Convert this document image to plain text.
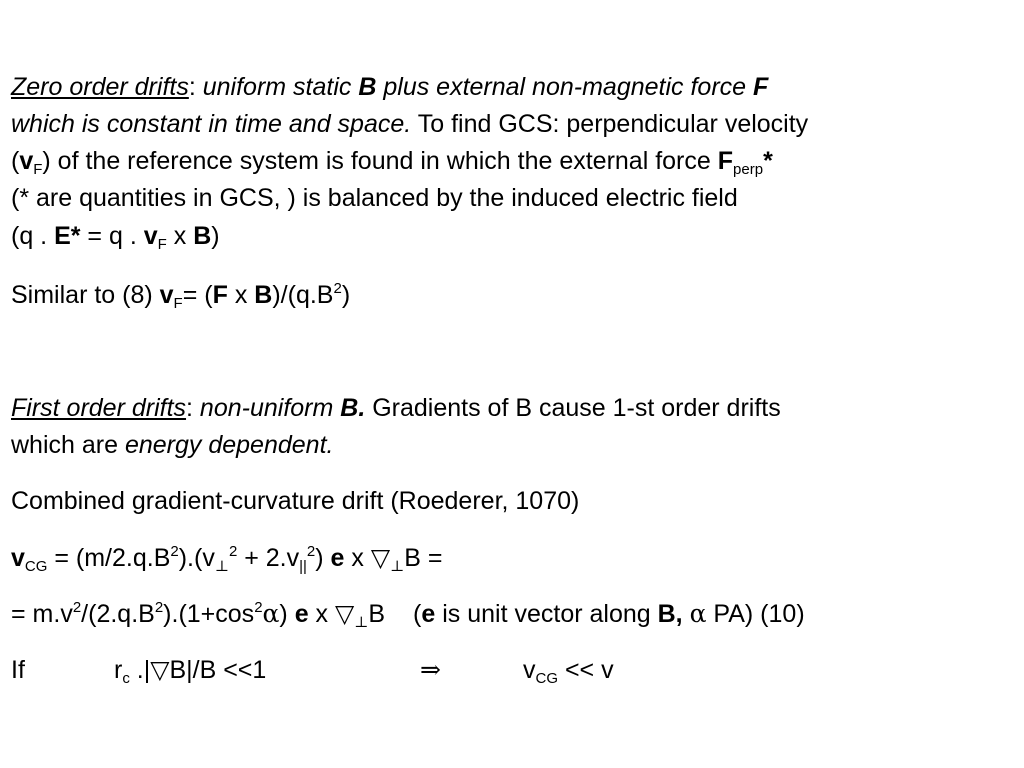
Zero order drifts: uniform static B plus external non-magnetic force F
which is constant in time and space. To find GCS: perpendicular velocity
$(v_F)$ of the reference system is found in which the external force $F_{perp}*$
(* are quantities in GCS, ) is balanced by the induced electric field
(q . E* = q . $v_F$ x B)
Similar to (8) $v_F= (F$ x $B)/(q.B^2)$
First order drifts: non-uniform B. Gradients of B cause 1-st order drifts
which are energy dependent.
Combined gradient-curvature drift (Roederer, 1070)
$v_{CG} = (m/2.q.B^2).(v_\perp^2 + 2.v_{||}^2)$ e x $▽_\perp B$ =
= $m.v^2/(2.q.B^2).(1+\cos^2\alpha)$ e x $▽_\perp B$ (e is unit vector along B, α PA) (10)
If	$r_c$ .|▽B|/B <<1	⇒	$v_{CG} << v$
